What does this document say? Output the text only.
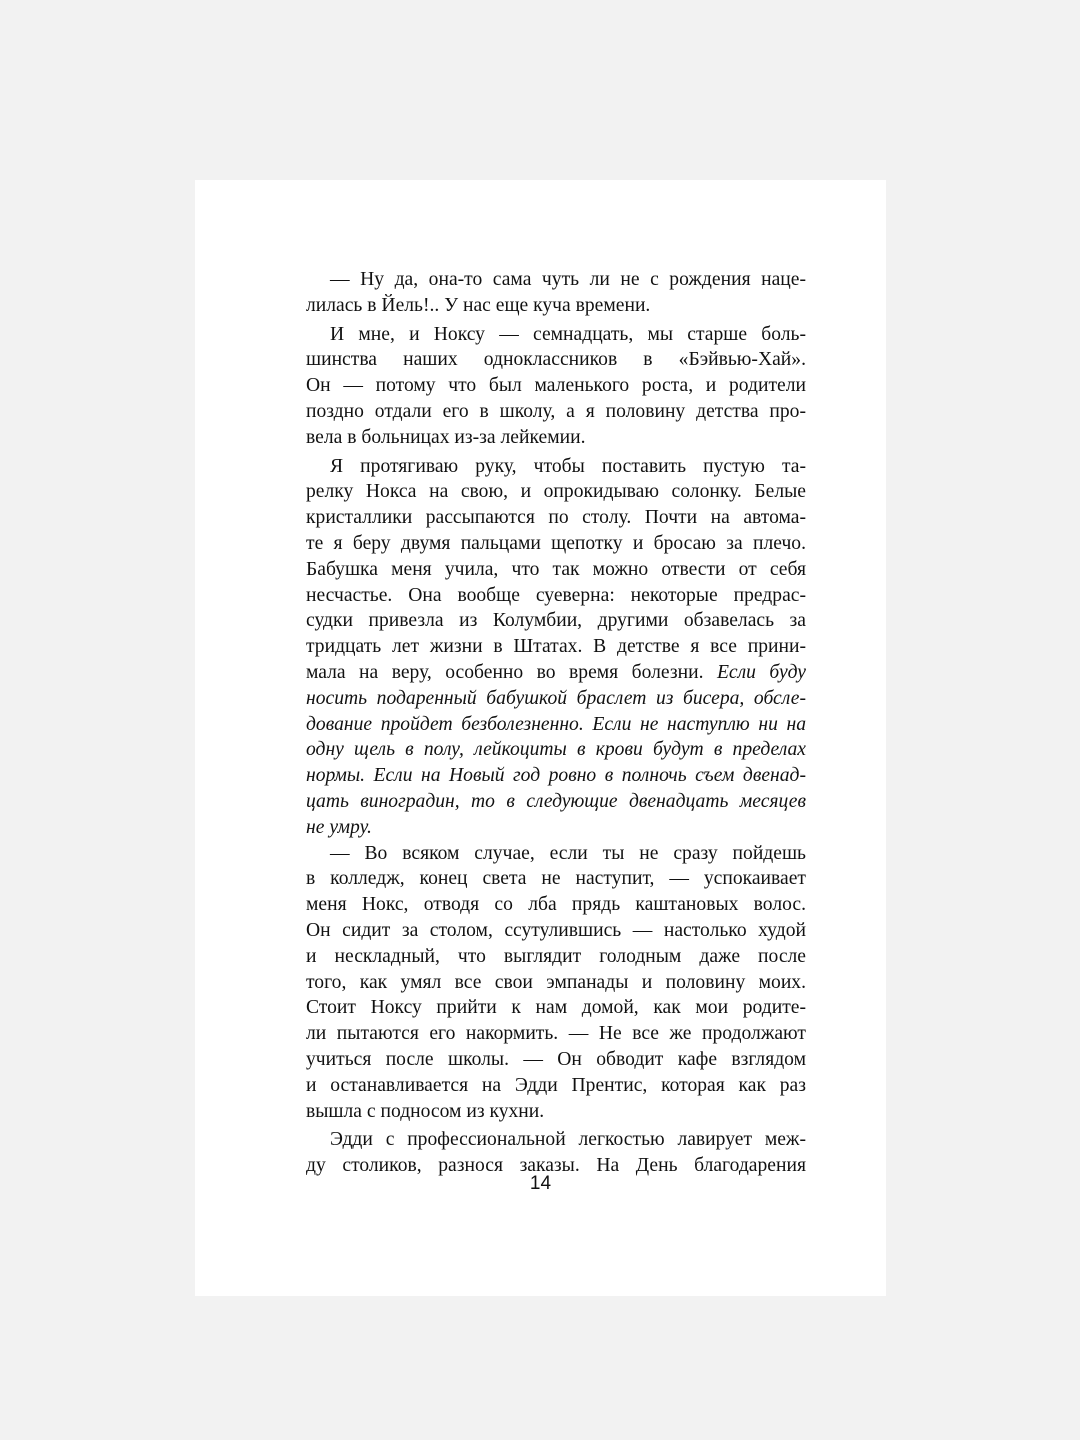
— Ну да, она-то сама чуть ли не с рождения наце-
лилась в Йель!.. У нас еще куча времени.
И мне, и Ноксу — семнадцать, мы старше боль-
шинства наших одноклассников в «Бэйвью-Хай».
Он — потому что был маленького роста, и родители
поздно отдали его в школу, а я половину детства про-
вела в больницах из-за лейкемии.
Я протягиваю руку, чтобы поставить пустую та-
релку Нокса на свою, и опрокидываю солонку. Белые
кристаллики рассыпаются по столу. Почти на автома-
те я беру двумя пальцами щепотку и бросаю за плечо.
Бабушка меня учила, что так можно отвести от себя
несчастье. Она вообще суеверна: некоторые предрас-
судки привезла из Колумбии, другими обзавелась за
тридцать лет жизни в Штатах. В детстве я все прини-
мала на веру, особенно во время болезни. Если буду
носить подаренный бабушкой браслет из бисера, обсле-
дование пройдет безболезненно. Если не наступлю ни на
одну щель в полу, лейкоциты в крови будут в пределах
нормы. Если на Новый год ровно в полночь съем двенад-
цать виноградин, то в следующие двенадцать месяцев
не умру.
— Во всяком случае, если ты не сразу пойдешь
в колледж, конец света не наступит, — успокаивает
меня Нокс, отводя со лба прядь каштановых волос.
Он сидит за столом, ссутулившись — настолько худой
и нескладный, что выглядит голодным даже после
того, как умял все свои эмпанады и половину моих.
Стоит Ноксу прийти к нам домой, как мои родите-
ли пытаются его накормить. — Не все же продолжают
учиться после школы. — Он обводит кафе взглядом
и останавливается на Эдди Прентис, которая как раз
вышла с подносом из кухни.
Эдди с профессиональной легкостью лавирует меж-
ду столиков, разнося заказы. На День благодарения
14
